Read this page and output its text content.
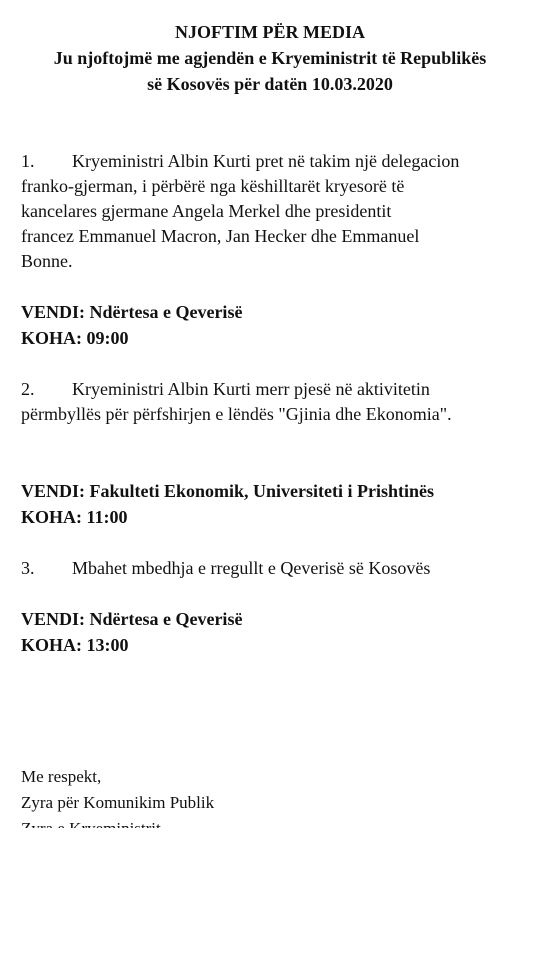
NJOFTIM PËR MEDIA
Ju njoftojmë me agjendën e Kryeministrit të Republikës
së Kosovës për datën 10.03.2020
1. Kryeministri Albin Kurti pret në takim një delegacion
franko-gjerman, i përbërë nga këshilltarët kryesorë të
kancelares gjermane Angela Merkel dhe presidentit
francez Emmanuel Macron, Jan Hecker dhe Emmanuel
Bonne.
VENDI: Ndërtesa e Qeverisë
KOHA: 09:00
2. Kryeministri Albin Kurti merr pjesë në aktivitetin
përmbyllës për përfshirjen e lëndës "Gjinia dhe Ekonomia".
VENDI: Fakulteti Ekonomik, Universiteti i Prishtinës
KOHA: 11:00
3. Mbahet mbedhja e rregullt e Qeverisë së Kosovës
VENDI: Ndërtesa e Qeverisë
KOHA: 13:00
Me respekt,
Zyra për Komunikim Publik
